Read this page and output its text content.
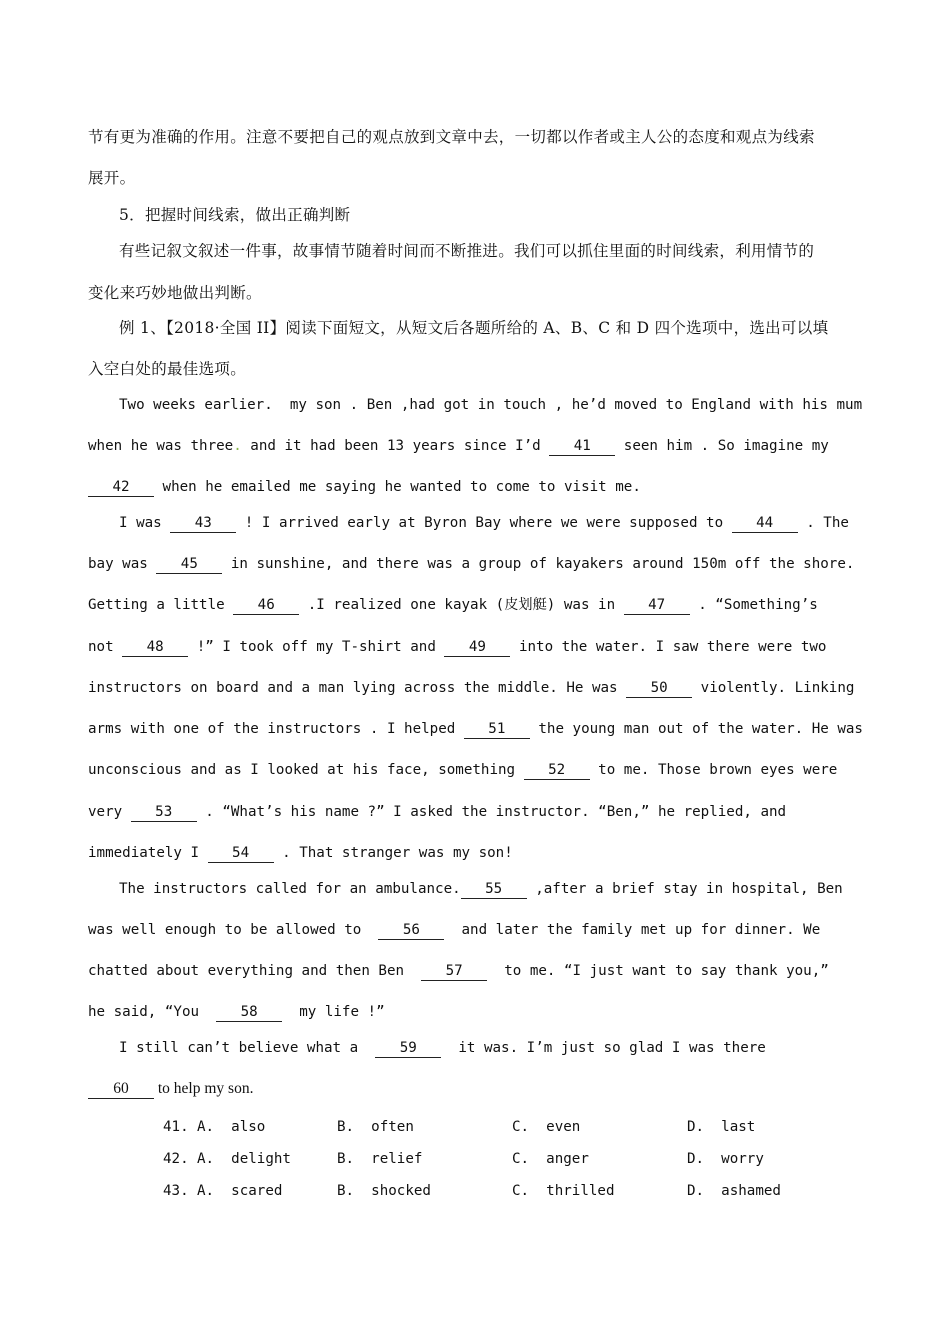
节有更为准确的作用。注意不要把自己的观点放到文章中去，一切都以作者或主人公的态度和观点为线索
展开。
5．把握时间线索，做出正确判断
有些记叙文叙述一件事，故事情节随着时间而不断推进。我们可以抓住里面的时间线索，利用情节的
变化来巧妙地做出判断。
例 1、【2018·全国 II】阅读下面短文，从短文后各题所给的 A、B、C 和 D 四个选项中，选出可以填
入空白处的最佳选项。
Two weeks earlier.  my son . Ben ,had got in touch , he’d moved to England with his mum
when he was three. and it had been 13 years since I’d 41 seen him . So imagine my
42 when he emailed me saying he wanted to come to visit me.
I was 43 ! I arrived early at Byron Bay where we were supposed to 44 . The
bay was 45 in sunshine, and there was a group of kayakers around 150m off the shore.
Getting a little 46 .I realized one kayak (皮划艇) was in 47 . “Something’s
not 48 !” I took off my T-shirt and 49 into the water. I saw there were two
instructors on board and a man lying across the middle. He was 50 violently. Linking
arms with one of the instructors . I helped 51 the young man out of the water. He was
unconscious and as I looked at his face, something 52 to me. Those brown eyes were
very 53 . “What’s his name ?” I asked the instructor. “Ben,” he replied, and
immediately I 54 . That stranger was my son!
The instructors called for an ambulance. 55 ,after a brief stay in hospital, Ben
was well enough to be allowed to  56  and later the family met up for dinner. We
chatted about everything and then Ben  57  to me. “I just want to say thank you,”
he said, “You  58  my life !”
I still can’t believe what a  59  it was. I’m just so glad I was there
60 to help my son.
41. A.  also	B.  often	C.  even	D.  last
42. A.  delight	B.  relief	C.  anger	D.  worry
43. A.  scared	B.  shocked	C.  thrilled	D.  ashamed
